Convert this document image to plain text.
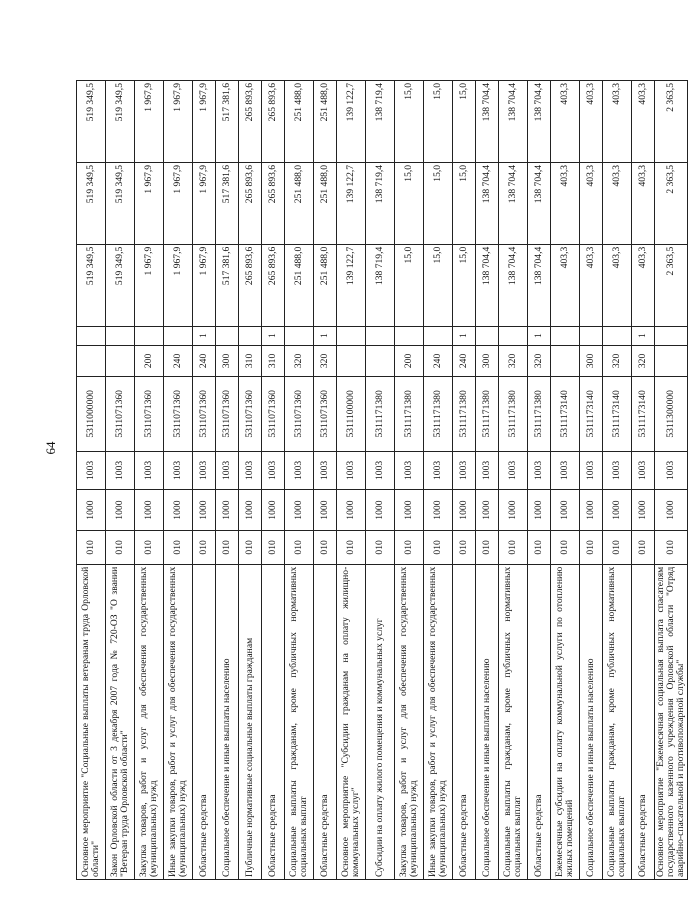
64
Основное мероприятие "Социальные выплаты ветеранам труда Орловской области"	010	1000	1003	5311000000			519 349,5	519 349,5	519 349,5
Закон Орловской области от 3 декабря 2007 года № 720-ОЗ "О звании "Ветеран труда Орловской области"	010	1000	1003	5311071360			519 349,5	519 349,5	519 349,5
Закупка товаров, работ и услуг для обеспечения государственных (муниципальных) нужд	010	1000	1003	5311071360	200		1 967,9	1 967,9	1 967,9
Иные закупки товаров, работ и услуг для обеспечения государственных (муниципальных) нужд	010	1000	1003	5311071360	240		1 967,9	1 967,9	1 967,9
Областные средства	010	1000	1003	5311071360	240	1	1 967,9	1 967,9	1 967,9
Социальное обеспечение и иные выплаты населению	010	1000	1003	5311071360	300		517 381,6	517 381,6	517 381,6
Публичные нормативные социальные выплаты гражданам	010	1000	1003	5311071360	310		265 893,6	265 893,6	265 893,6
Областные средства	010	1000	1003	5311071360	310	1	265 893,6	265 893,6	265 893,6
Социальные выплаты гражданам, кроме публичных нормативных социальных выплат	010	1000	1003	5311071360	320		251 488,0	251 488,0	251 488,0
Областные средства	010	1000	1003	5311071360	320	1	251 488,0	251 488,0	251 488,0
Основное мероприятие "Субсидии гражданам на оплату жилищно-коммунальных услуг"	010	1000	1003	5311100000			139 122,7	139 122,7	139 122,7
Субсидии на оплату жилого помещения и коммунальных услуг	010	1000	1003	5311171380			138 719,4	138 719,4	138 719,4
Закупка товаров, работ и услуг для обеспечения государственных (муниципальных) нужд	010	1000	1003	5311171380	200		15,0	15,0	15,0
Иные закупки товаров, работ и услуг для обеспечения государственных (муниципальных) нужд	010	1000	1003	5311171380	240		15,0	15,0	15,0
Областные средства	010	1000	1003	5311171380	240	1	15,0	15,0	15,0
Социальное обеспечение и иные выплаты населению	010	1000	1003	5311171380	300		138 704,4	138 704,4	138 704,4
Социальные выплаты гражданам, кроме публичных нормативных социальных выплат	010	1000	1003	5311171380	320		138 704,4	138 704,4	138 704,4
Областные средства	010	1000	1003	5311171380	320	1	138 704,4	138 704,4	138 704,4
Ежемесячные субсидии на оплату коммунальной услуги по отоплению жилых помещений	010	1000	1003	5311173140			403,3	403,3	403,3
Социальное обеспечение и иные выплаты населению	010	1000	1003	5311173140	300		403,3	403,3	403,3
Социальные выплаты гражданам, кроме публичных нормативных социальных выплат	010	1000	1003	5311173140	320		403,3	403,3	403,3
Областные средства	010	1000	1003	5311173140	320	1	403,3	403,3	403,3
Основное мероприятие "Ежемесячная социальная выплата спасателям государственного казенного учреждения Орловской области "Отряд аварийно-спасательной и противопожарной службы"	010	1000	1003	5311300000			2 363,5	2 363,5	2 363,5
